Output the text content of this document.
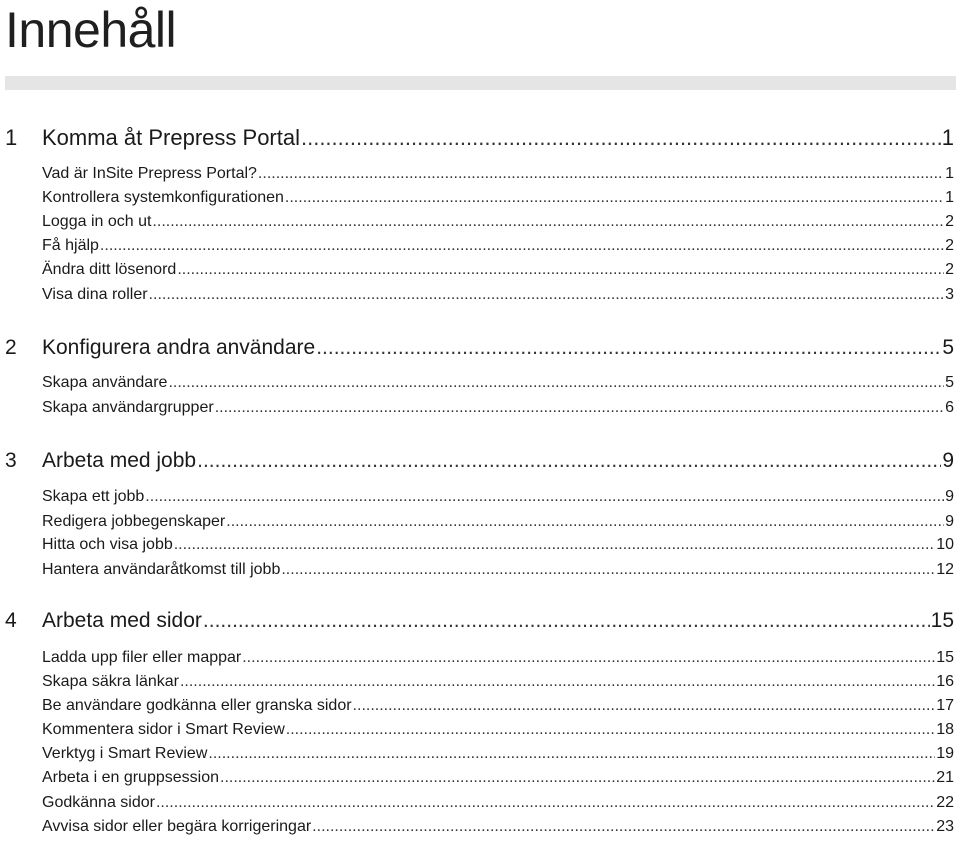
Innehåll
1 Komma åt Prepress Portal .....	1
Vad är InSite Prepress Portal? .....	1
Kontrollera systemkonfigurationen .....	1
Logga in och ut .....	2
Få hjälp .....	2
Ändra ditt lösenord .....	2
Visa dina roller .....	3
2 Konfigurera andra användare .....	5
Skapa användare .....	5
Skapa användargrupper .....	6
3 Arbeta med jobb .....	9
Skapa ett jobb .....	9
Redigera jobbegenskaper .....	9
Hitta och visa jobb .....	10
Hantera användaråtkomst till jobb .....	12
4 Arbeta med sidor .....	15
Ladda upp filer eller mappar .....	15
Skapa säkra länkar .....	16
Be användare godkänna eller granska sidor .....	17
Kommentera sidor i Smart Review .....	18
Verktyg i Smart Review .....	19
Arbeta i en gruppsession .....	21
Godkänna sidor .....	22
Avvisa sidor eller begära korrigeringar .....	23
